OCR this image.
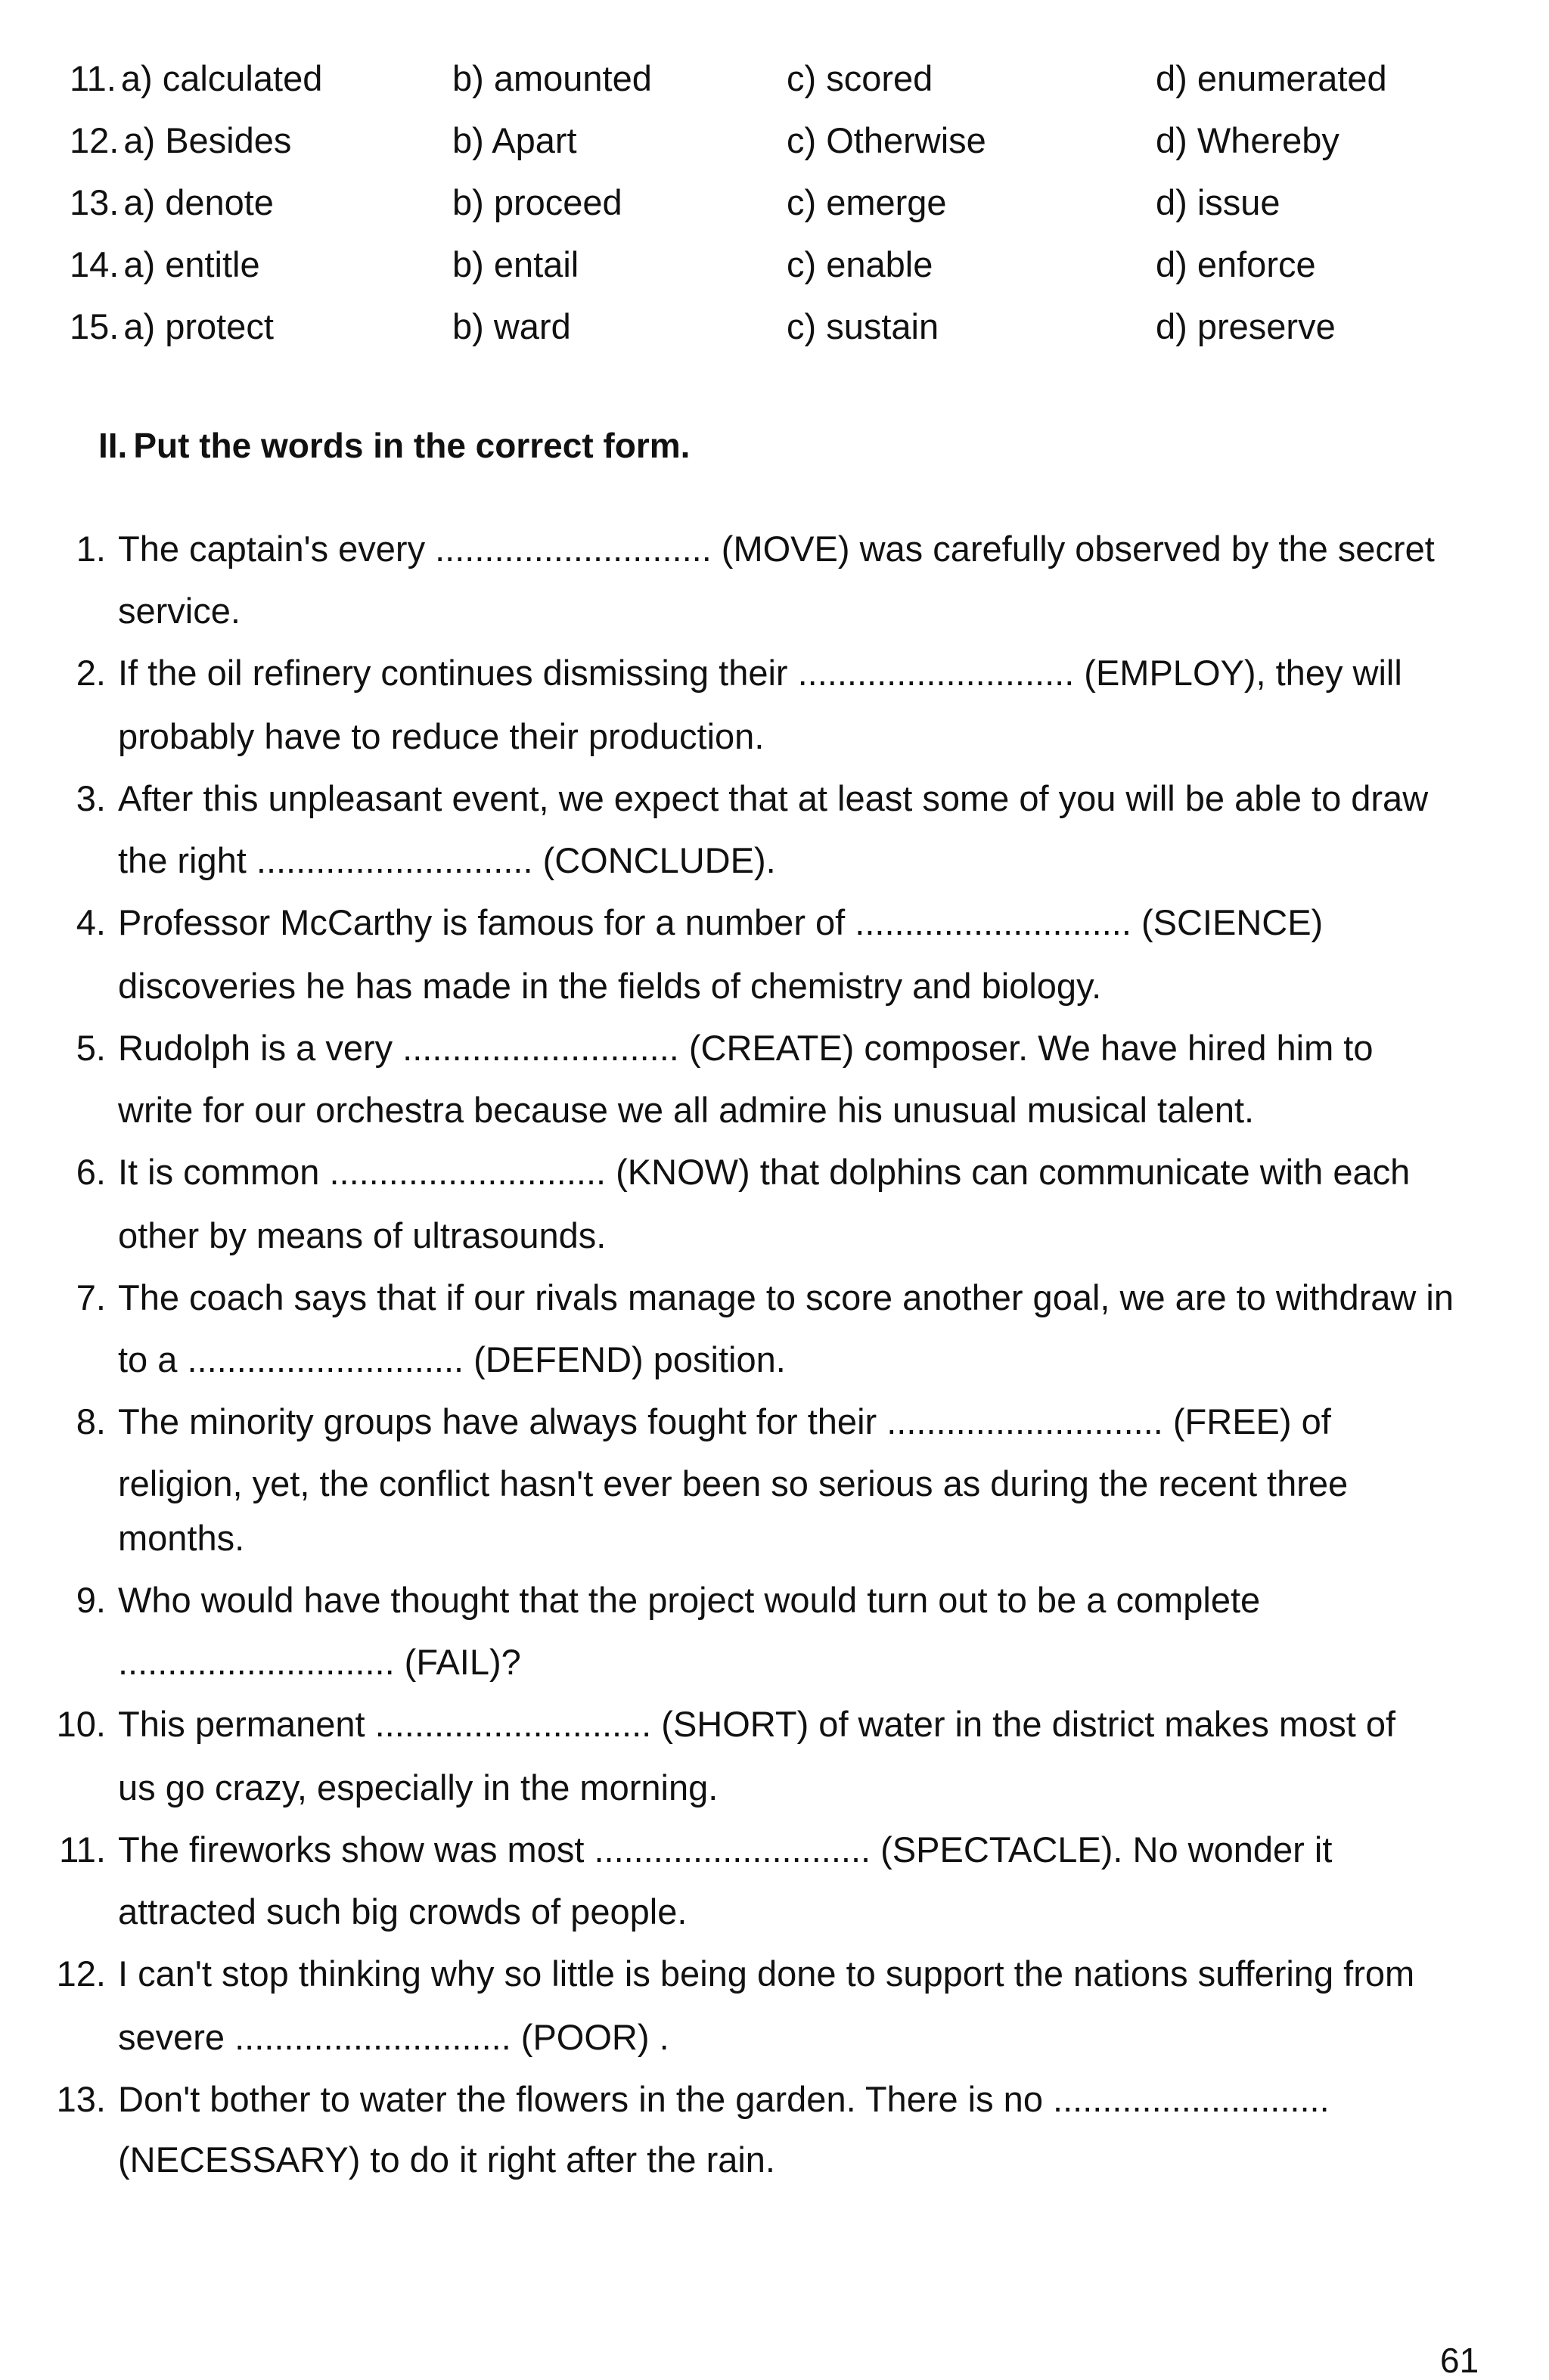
11. a) calculated	b) amounted	c) scored	d) enumerated
12. a) Besides	b) Apart	c) Otherwise	d) Whereby
13. a) denote	b) proceed	c) emerge	d) issue
14. a) entitle	b) entail	c) enable	d) enforce
15. a) protect	b) ward	c) sustain	d) preserve
II. Put the words in the correct form.
1. The captain's every ............................ (MOVE) was carefully observed by the secret
service.
2. If the oil refinery continues dismissing their ............................ (EMPLOY), they will
probably have to reduce their production.
3. After this unpleasant event, we expect that at least some of you will be able to draw
the right ............................ (CONCLUDE).
4. Professor McCarthy is famous for a number of ............................ (SCIENCE)
discoveries he has made in the fields of chemistry and biology.
5. Rudolph is a very ............................ (CREATE) composer. We have hired him to
write for our orchestra because we all admire his unusual musical talent.
6. It is common ............................ (KNOW) that dolphins can communicate with each
other by means of ultrasounds.
7. The coach says that if our rivals manage to score another goal, we are to withdraw in
to a ............................ (DEFEND) position.
8. The minority groups have always fought for their ............................ (FREE) of
religion, yet, the conflict hasn't ever been so serious as during the recent three
months.
9. Who would have thought that the project would turn out to be a complete
............................ (FAIL)?
10. This permanent ............................ (SHORT) of water in the district makes most of
us go crazy, especially in the morning.
11. The fireworks show was most ............................ (SPECTACLE). No wonder it
attracted such big crowds of people.
12. I can't stop thinking why so little is being done to support the nations suffering from
severe ............................ (POOR) .
13. Don't bother to water the flowers in the garden. There is no ............................
(NECESSARY) to do it right after the rain.
61
